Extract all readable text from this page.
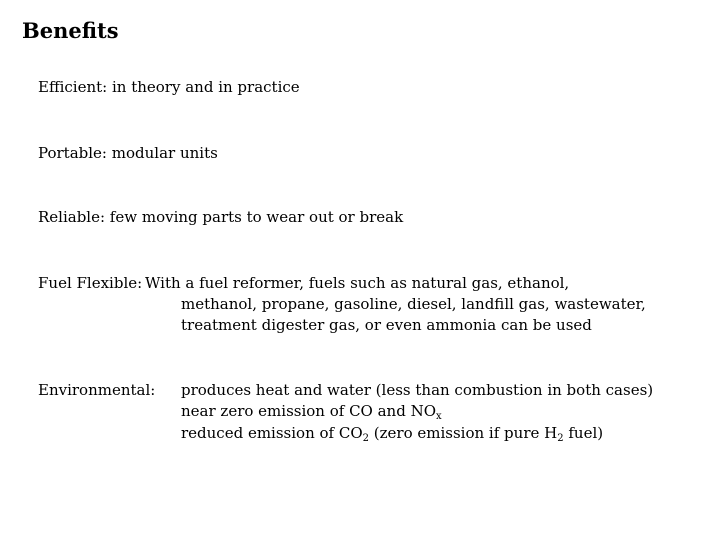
Benefits
Efficient: in theory and in practice
Portable: modular units
Reliable: few moving parts to wear out or break
Fuel Flexible: With a fuel reformer, fuels such as natural gas, ethanol,
methanol, propane, gasoline, diesel, landfill gas, wastewater,
treatment digester gas, or even ammonia can be used
Environmental: produces heat and water (less than combustion in both cases)
near zero emission of CO and $NO_x$
reduced emission of $CO_2$ (zero emission if pure $H_2$ fuel)
